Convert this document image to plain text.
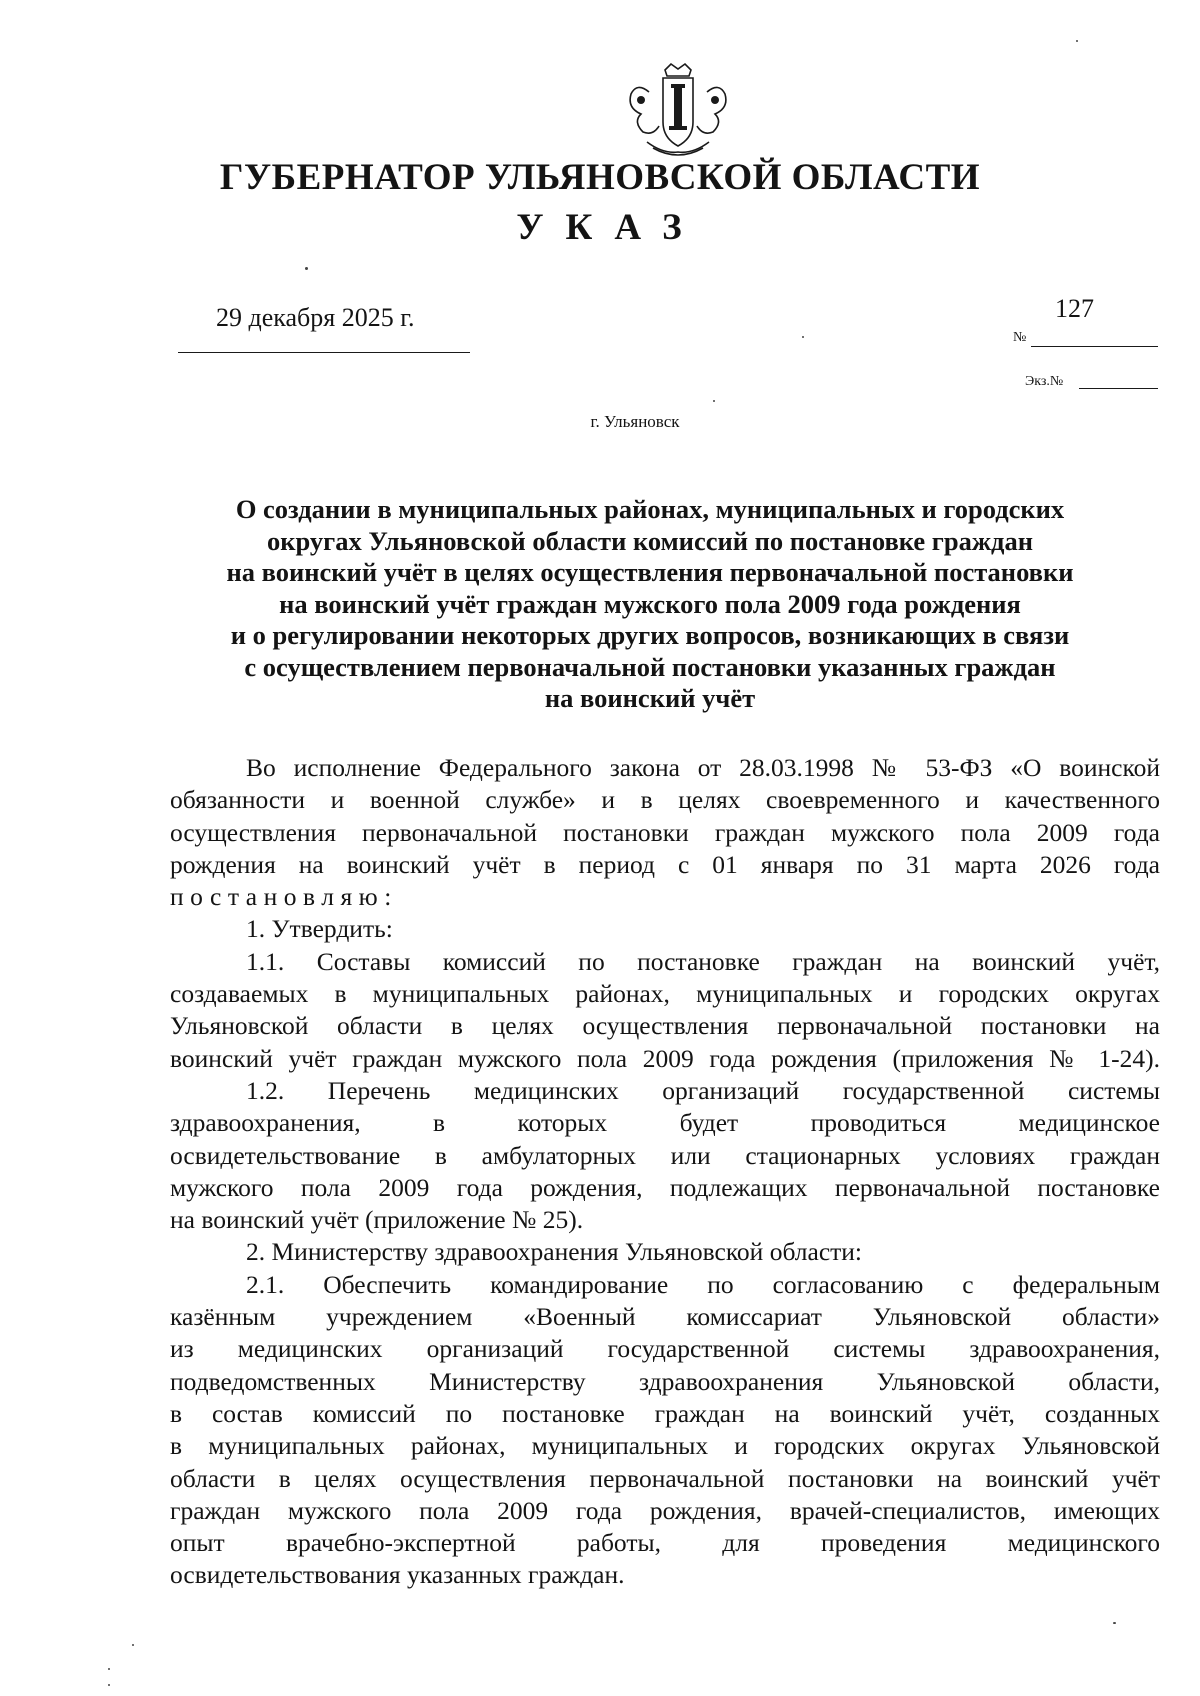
ГУБЕРНАТОР УЛЬЯНОВСКОЙ ОБЛАСТИ

УКАЗ

29 декабря 2025 г.	127
№
Экз.№

г. Ульяновск

О создании в муниципальных районах, муниципальных и городских
округах Ульяновской области комиссий по постановке граждан
на воинский учёт в целях осуществления первоначальной постановки
на воинский учёт граждан мужского пола 2009 года рождения
и о регулировании некоторых других вопросов, возникающих в связи
с осуществлением первоначальной постановки указанных граждан
на воинский учёт

Во исполнение Федерального закона от 28.03.1998 № 53-ФЗ «О воинской
обязанности и военной службе» и в целях своевременного и качественного
осуществления первоначальной постановки граждан мужского пола 2009 года
рождения на воинский учёт в период с 01 января по 31 марта 2026 года
постановляю:
1. Утвердить:
1.1. Составы комиссий по постановке граждан на воинский учёт,
создаваемых в муниципальных районах, муниципальных и городских округах
Ульяновской области в целях осуществления первоначальной постановки на
воинский учёт граждан мужского пола 2009 года рождения (приложения № 1-24).
1.2. Перечень медицинских организаций государственной системы
здравоохранения, в которых будет проводиться медицинское
освидетельствование в амбулаторных или стационарных условиях граждан
мужского пола 2009 года рождения, подлежащих первоначальной постановке
на воинский учёт (приложение № 25).
2. Министерству здравоохранения Ульяновской области:
2.1. Обеспечить командирование по согласованию с федеральным
казённым учреждением «Военный комиссариат Ульяновской области»
из медицинских организаций государственной системы здравоохранения,
подведомственных Министерству здравоохранения Ульяновской области,
в состав комиссий по постановке граждан на воинский учёт, созданных
в муниципальных районах, муниципальных и городских округах Ульяновской
области в целях осуществления первоначальной постановки на воинский учёт
граждан мужского пола 2009 года рождения, врачей-специалистов, имеющих
опыт врачебно-экспертной работы, для проведения медицинского
освидетельствования указанных граждан.
